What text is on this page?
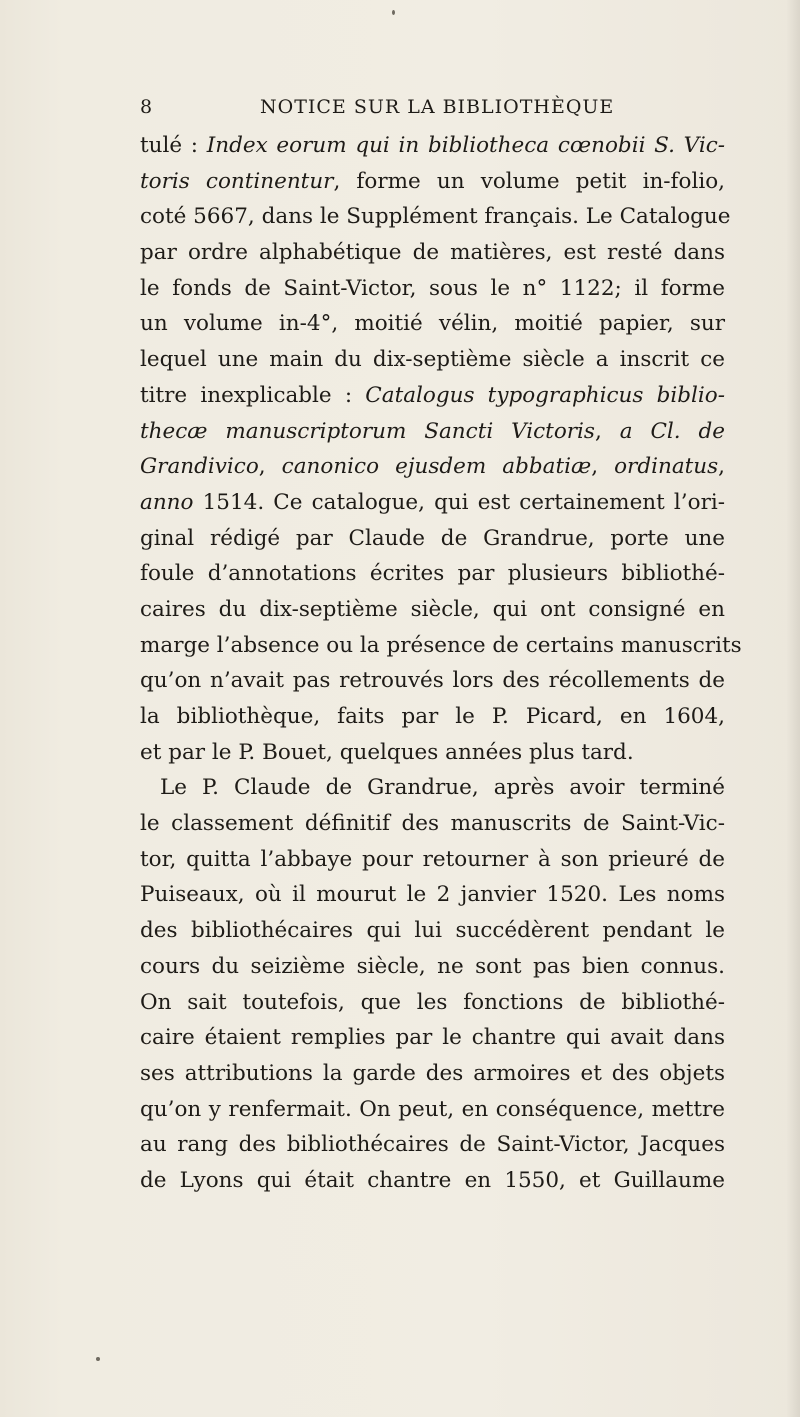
8	NOTICE SUR LA BIBLIOTHÈQUE
tulé : Index eorum qui in bibliotheca cœnobii S. Vic-
toris continentur, forme un volume petit in-folio,
coté 5667, dans le Supplément français. Le Catalogue
par ordre alphabétique de matières, est resté dans
le fonds de Saint-Victor, sous le n° 1122; il forme
un volume in-4°, moitié vélin, moitié papier, sur
lequel une main du dix-septième siècle a inscrit ce
titre inexplicable : Catalogus typographicus biblio-
thecæ manuscriptorum Sancti Victoris, a Cl. de
Grandivico, canonico ejusdem abbatiæ, ordinatus,
anno 1514. Ce catalogue, qui est certainement l’ori-
ginal rédigé par Claude de Grandrue, porte une
foule d’annotations écrites par plusieurs bibliothé-
caires du dix-septième siècle, qui ont consigné en
marge l’absence ou la présence de certains manuscrits
qu’on n’avait pas retrouvés lors des récollements de
la bibliothèque, faits par le P. Picard, en 1604,
et par le P. Bouet, quelques années plus tard.
Le P. Claude de Grandrue, après avoir terminé
le classement définitif des manuscrits de Saint-Vic-
tor, quitta l’abbaye pour retourner à son prieuré de
Puiseaux, où il mourut le 2 janvier 1520. Les noms
des bibliothécaires qui lui succédèrent pendant le
cours du seizième siècle, ne sont pas bien connus.
On sait toutefois, que les fonctions de bibliothé-
caire étaient remplies par le chantre qui avait dans
ses attributions la garde des armoires et des objets
qu’on y renfermait. On peut, en conséquence, mettre
au rang des bibliothécaires de Saint-Victor, Jacques
de Lyons qui était chantre en 1550, et Guillaume
